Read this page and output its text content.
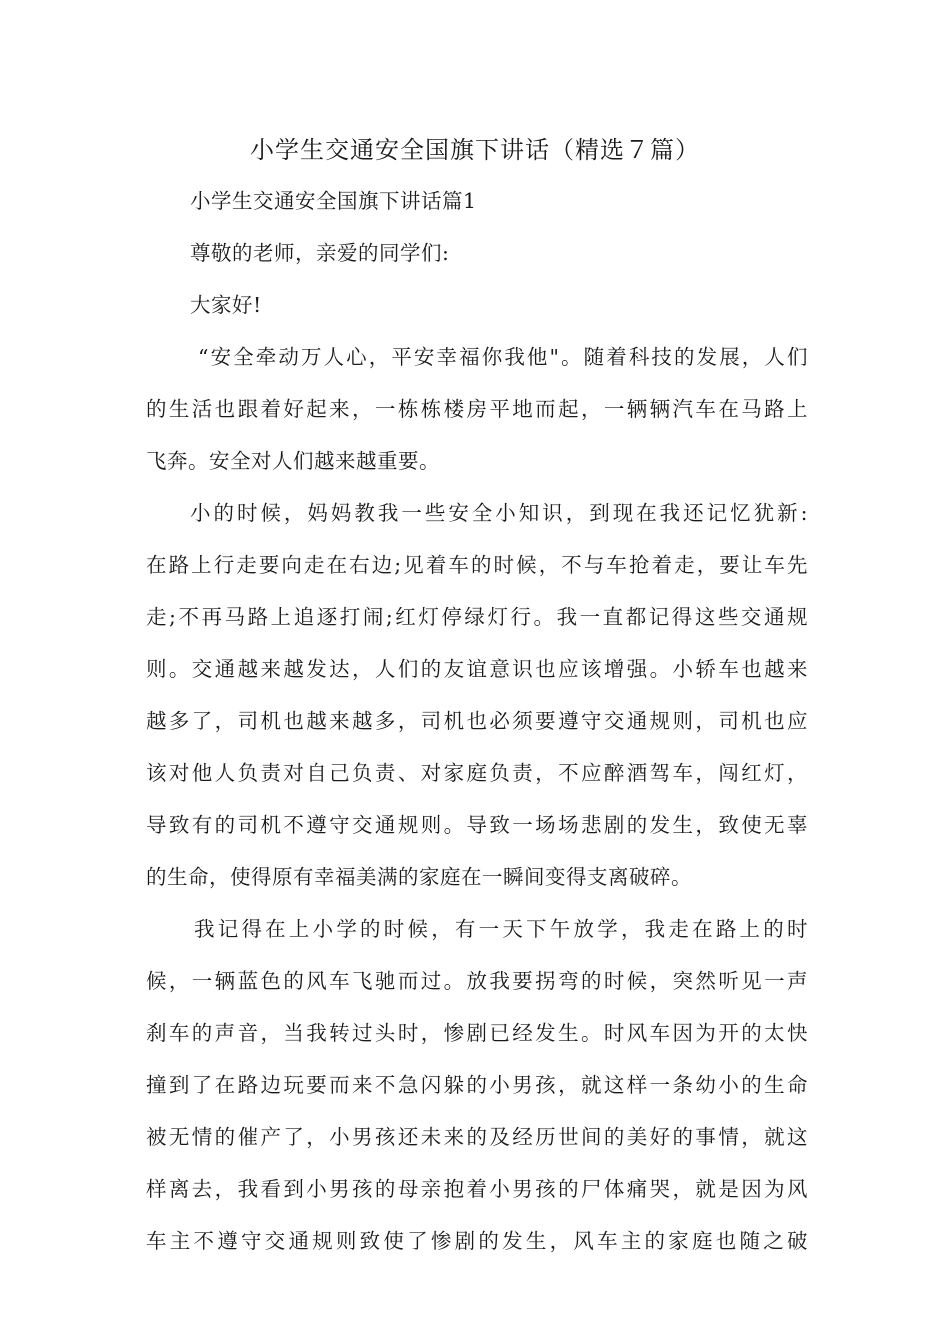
小学生交通安全国旗下讲话（精选７篇）
小学生交通安全国旗下讲话篇1
尊敬的老师，亲爱的同学们:
大家好!
“安全牵动万人心，平安幸福你我他"。随着科技的发展，人们
的生活也跟着好起来，一栋栋楼房平地而起，一辆辆汽车在马路上
飞奔。安全对人们越来越重要。
小的时候，妈妈教我一些安全小知识，到现在我还记忆犹新:
在路上行走要向走在右边;见着车的时候，不与车抢着走，要让车先
走;不再马路上追逐打闹;红灯停绿灯行。我一直都记得这些交通规
则。交通越来越发达，人们的友谊意识也应该增强。小轿车也越来
越多了，司机也越来越多，司机也必须要遵守交通规则，司机也应
该对他人负责对自己负责、对家庭负责，不应醉酒驾车，闯红灯，
导致有的司机不遵守交通规则。导致一场场悲剧的发生，致使无辜
的生命，使得原有幸福美满的家庭在一瞬间变得支离破碎。
我记得在上小学的时候，有一天下午放学，我走在路上的时
候，一辆蓝色的风车飞驰而过。放我要拐弯的时候，突然听见一声
刹车的声音，当我转过头时，惨剧已经发生。时风车因为开的太快
撞到了在路边玩要而来不急闪躲的小男孩，就这样一条幼小的生命
被无情的催产了，小男孩还未来的及经历世间的美好的事情，就这
样离去，我看到小男孩的母亲抱着小男孩的尸体痛哭，就是因为风
车主不遵守交通规则致使了惨剧的发生，风车主的家庭也随之破
